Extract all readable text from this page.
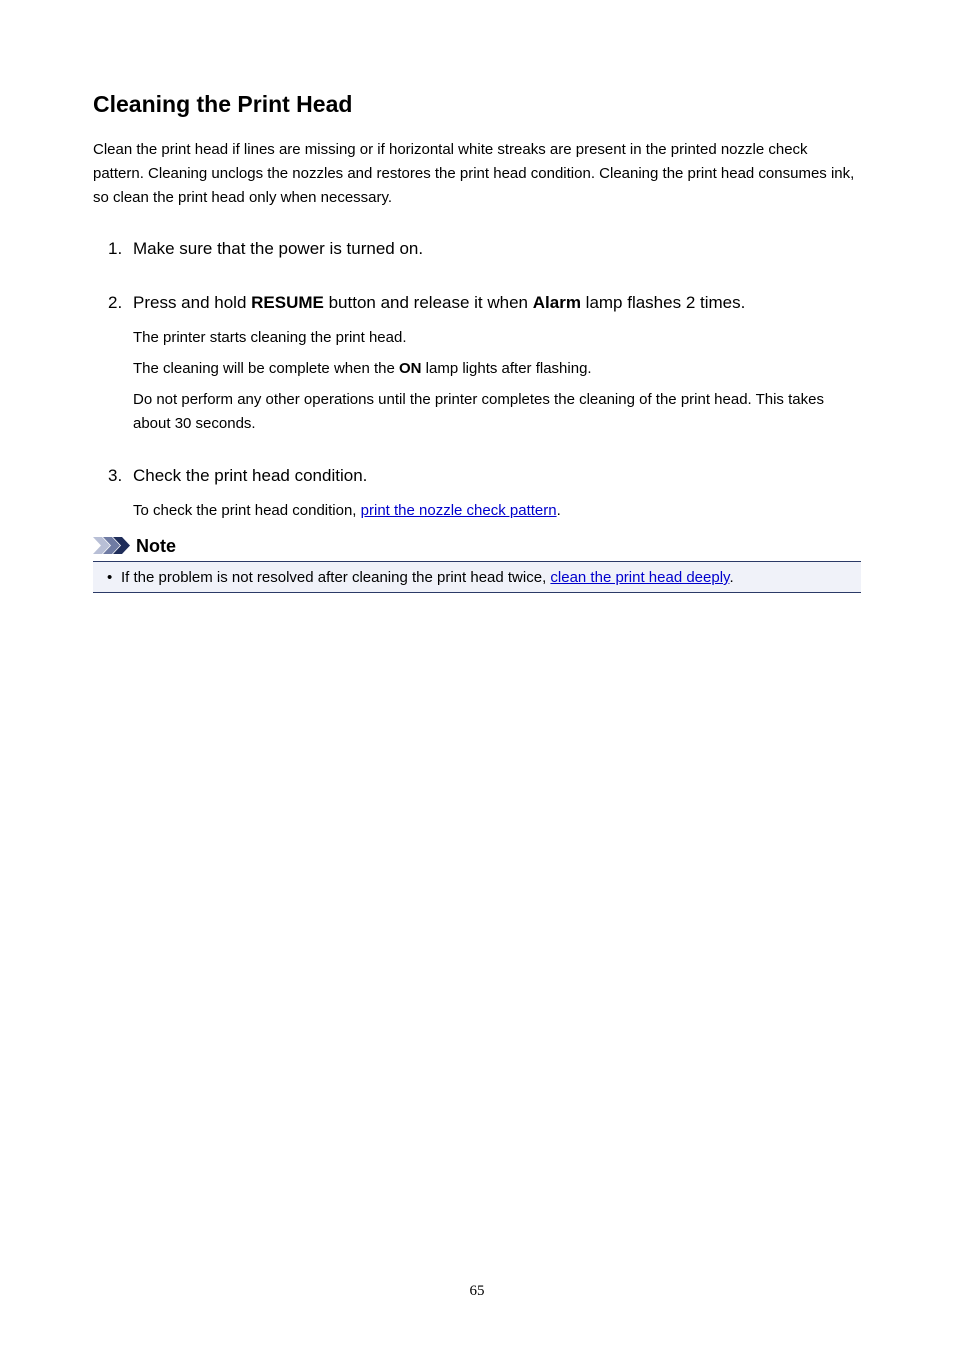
Cleaning the Print Head

Clean the print head if lines are missing or if horizontal white streaks are present in the printed nozzle check pattern. Cleaning unclogs the nozzles and restores the print head condition. Cleaning the print head consumes ink, so clean the print head only when necessary.

1. Make sure that the power is turned on.
2. Press and hold RESUME button and release it when Alarm lamp flashes 2 times.

The printer starts cleaning the print head.

The cleaning will be complete when the ON lamp lights after flashing.

Do not perform any other operations until the printer completes the cleaning of the print head. This takes about 30 seconds.

3. Check the print head condition.

To check the print head condition, print the nozzle check pattern.

Note
• If the problem is not resolved after cleaning the print head twice, clean the print head deeply.
65
